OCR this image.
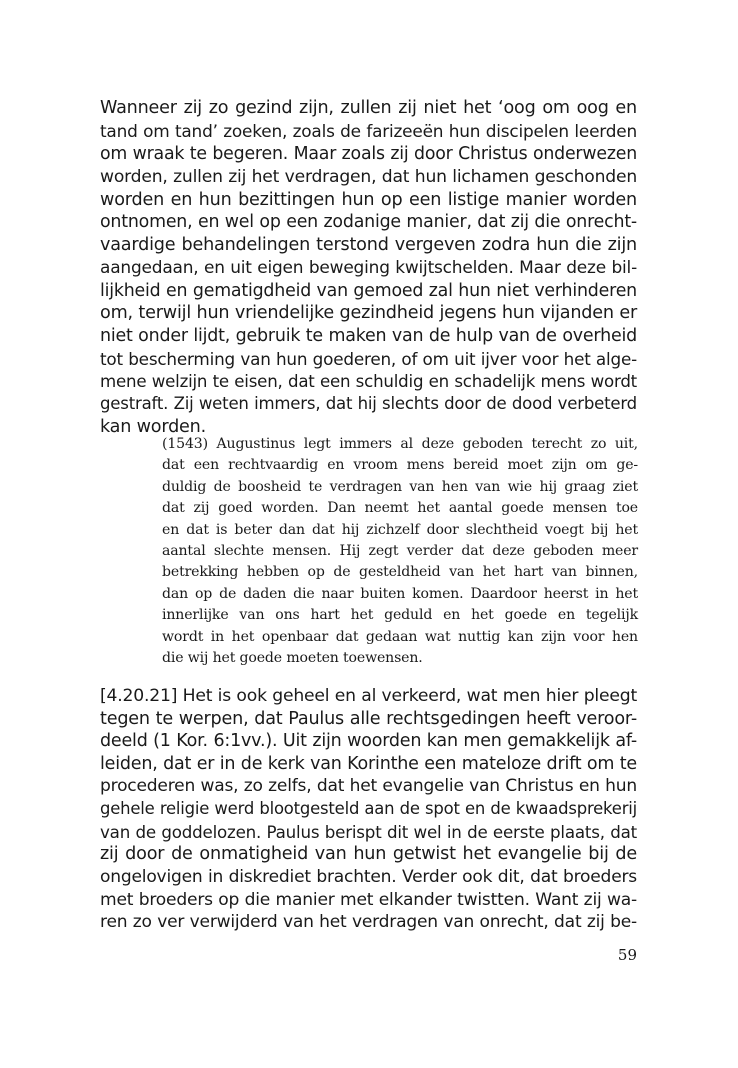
Wanneer zij zo gezind zijn, zullen zij niet het ‘oog om oog en

tand om tand’ zoeken, zoals de farizeeën hun discipelen leerden

om wraak te begeren. Maar zoals zij door Christus onderwezen

worden, zullen zij het verdragen, dat hun lichamen geschonden

worden en hun bezittingen hun op een listige manier worden

ontnomen, en wel op een zodanige manier, dat zij die onrecht-

vaardige behandelingen terstond vergeven zodra hun die zijn

aangedaan, en uit eigen beweging kwijtschelden. Maar deze bil-

lijkheid en gematigdheid van gemoed zal hun niet verhinderen

om, terwijl hun vriendelijke gezindheid jegens hun vijanden er

niet onder lijdt, gebruik te maken van de hulp van de overheid

tot bescherming van hun goederen, of om uit ijver voor het alge-

mene welzijn te eisen, dat een schuldig en schadelijk mens wordt

gestraft. Zij weten immers, dat hij slechts door de dood verbeterd

kan worden.

(1543) Augustinus legt immers al deze geboden terecht zo uit,

dat een rechtvaardig en vroom mens bereid moet zijn om ge-

duldig de boosheid te verdragen van hen van wie hij graag ziet

dat zij goed worden. Dan neemt het aantal goede mensen toe

en dat is beter dan dat hij zichzelf door slechtheid voegt bij het

aantal slechte mensen. Hij zegt verder dat deze geboden meer

betrekking hebben op de gesteldheid van het hart van binnen,

dan op de daden die naar buiten komen. Daardoor heerst in het

innerlijke van ons hart het geduld en het goede en tegelijk

wordt in het openbaar dat gedaan wat nuttig kan zijn voor hen

die wij het goede moeten toewensen.

[4.20.21] Het is ook geheel en al verkeerd, wat men hier pleegt

tegen te werpen, dat Paulus alle rechtsgedingen heeft veroor-

deeld (1 Kor. 6:1vv.). Uit zijn woorden kan men gemakkelijk af-

leiden, dat er in de kerk van Korinthe een mateloze drift om te

procederen was, zo zelfs, dat het evangelie van Christus en hun

gehele religie werd blootgesteld aan de spot en de kwaadsprekerij

van de goddelozen. Paulus berispt dit wel in de eerste plaats, dat

zij door de onmatigheid van hun getwist het evangelie bij de

ongelovigen in diskrediet brachten. Verder ook dit, dat broeders

met broeders op die manier met elkander twistten. Want zij wa-

ren zo ver verwijderd van het verdragen van onrecht, dat zij be-

59
